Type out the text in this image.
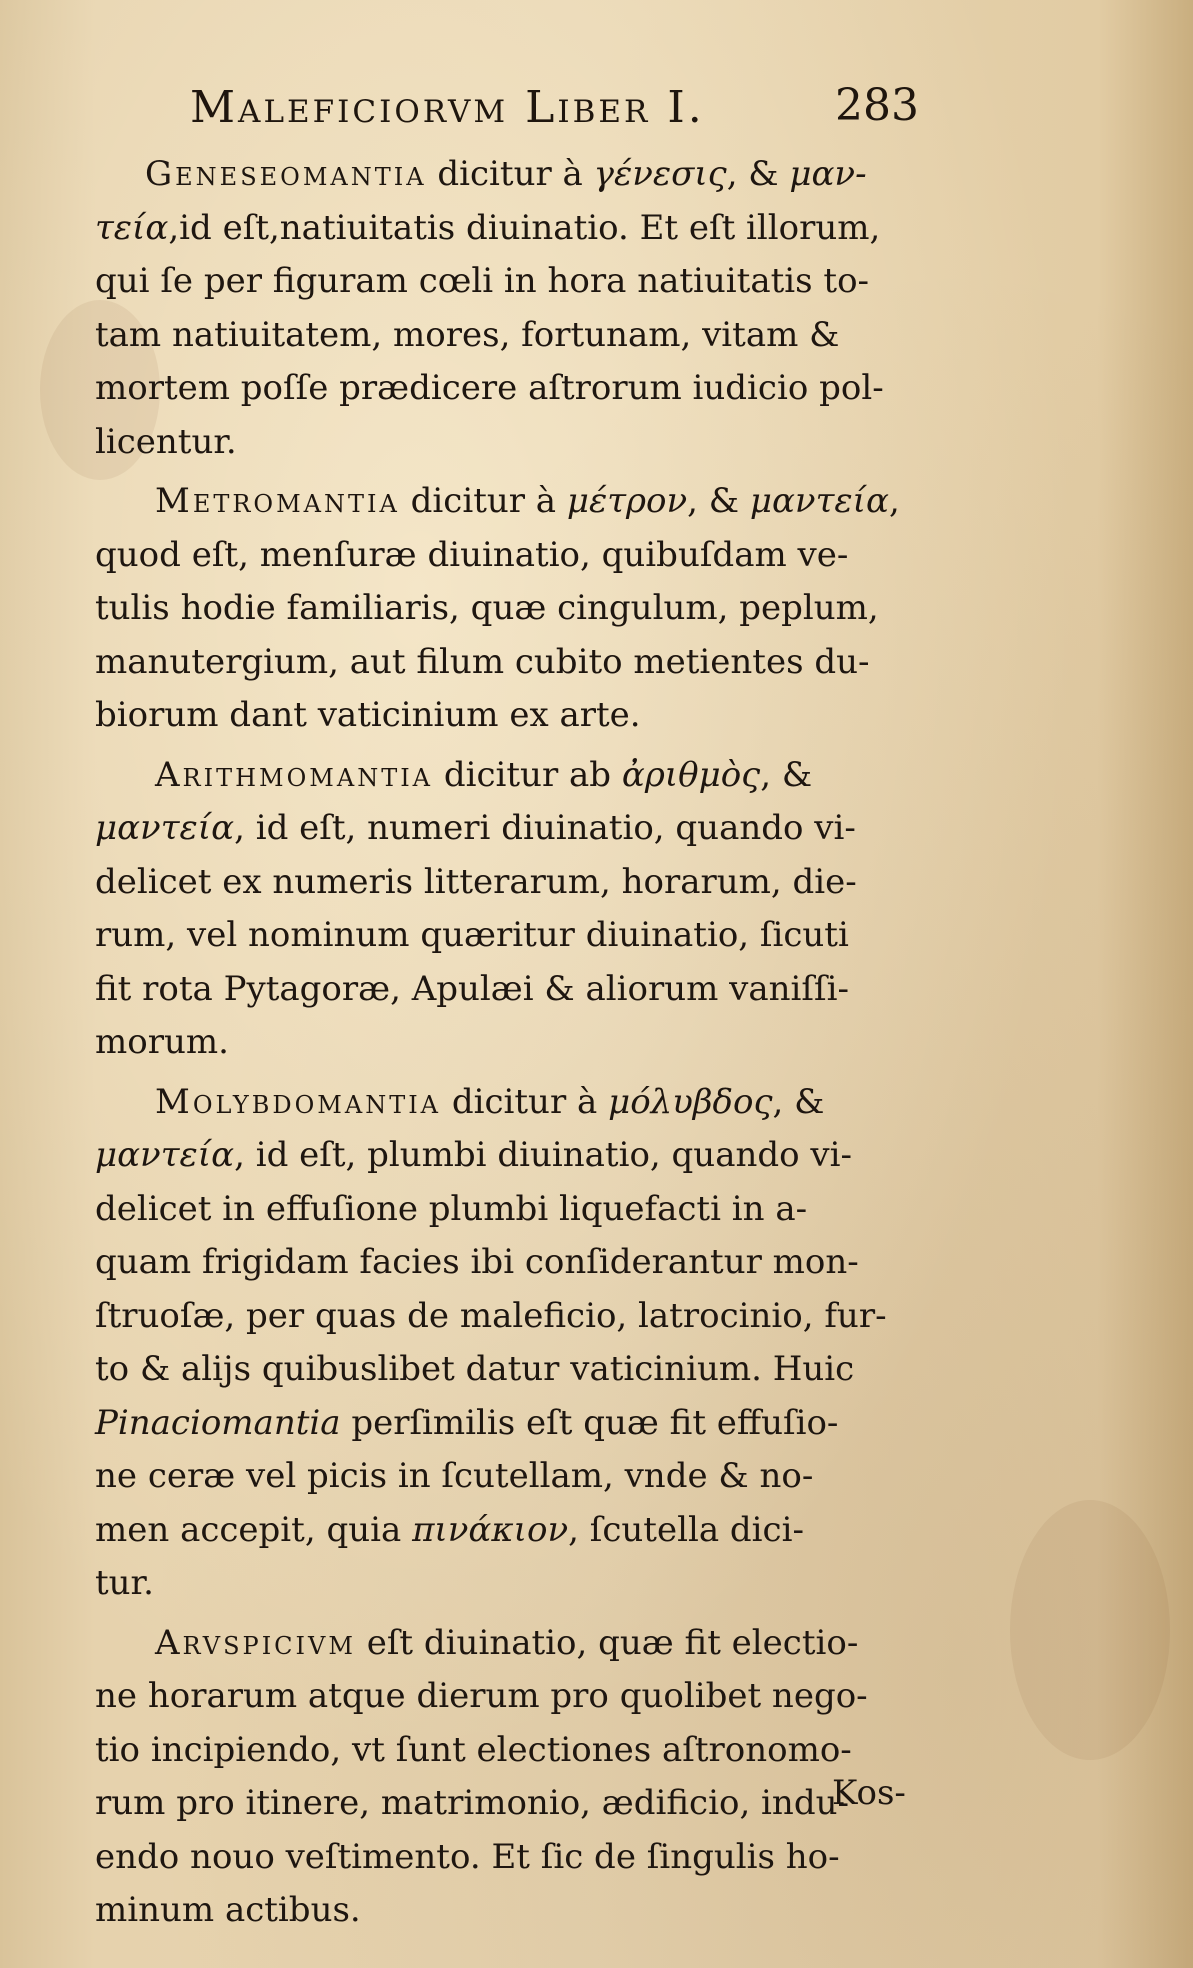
Maleficiorvm Liber I.	283
Geneseomantia dicitur à γένεσις, & μαν-
τεία,id eſt,natiuitatis diuinatio. Et eſt illorum,
qui ſe per figuram cœli in hora natiuitatis to-
tam natiuitatem, mores, fortunam, vitam &
mortem poſſe prædicere aſtrorum iudicio pol-
licentur.
Metromantia dicitur à μέτρον, & μαντεία,
quod eſt, menſuræ diuinatio, quibuſdam ve-
tulis hodie familiaris, quæ cingulum, peplum,
manutergium, aut filum cubito metientes du-
biorum dant vaticinium ex arte.
Arithmomantia dicitur ab ἀριθμὸς, &
μαντεία, id eſt, numeri diuinatio, quando vi-
delicet ex numeris litterarum, horarum, die-
rum, vel nominum quæritur diuinatio, ſicuti
fit rota Pytagoræ, Apulæi & aliorum vaniſſi-
morum.
Molybdomantia dicitur à μόλυβδος, &
μαντεία, id eſt, plumbi diuinatio, quando vi-
delicet in effuſione plumbi liquefacti in a-
quam frigidam facies ibi conſiderantur mon-
ſtruoſæ, per quas de maleficio, latrocinio, fur-
to & alijs quibuslibet datur vaticinium. Huic
Pinaciomantia perſimilis eſt quæ fit effuſio-
ne ceræ vel picis in ſcutellam, vnde & no-
men accepit, quia πινάκιον, ſcutella dici-
tur.
Arvspicivm eſt diuinatio, quæ fit electio-
ne horarum atque dierum pro quolibet nego-
tio incipiendo, vt ſunt electiones aſtronomo-
rum pro itinere, matrimonio, ædificio, indu-
endo nouo veſtimento. Et ſic de ſingulis ho-
minum actibus.
Kos-
